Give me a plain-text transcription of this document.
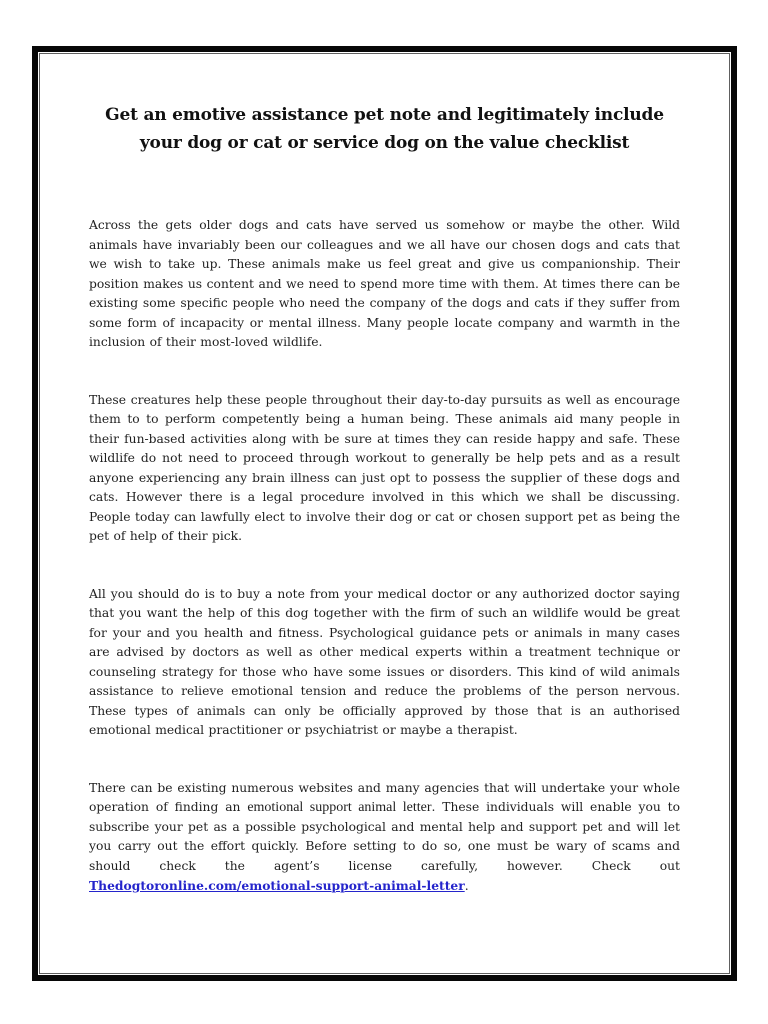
Get an emotive assistance pet note and legitimately include
your dog or cat or service dog on the value checklist

Across the gets older dogs and cats have served us somehow or maybe the other. Wild animals have invariably been our colleagues and we all have our chosen dogs and cats that we wish to take up. These animals make us feel great and give us companionship. Their position makes us content and we need to spend more time with them. At times there can be existing some specific people who need the company of the dogs and cats if they suffer from some form of incapacity or mental illness. Many people locate company and warmth in the inclusion of their most-loved wildlife.

These creatures help these people throughout their day-to-day pursuits as well as encourage them to to perform competently being a human being. These animals aid many people in their fun-based activities along with be sure at times they can reside happy and safe. These wildlife do not need to proceed through workout to generally be help pets and as a result anyone experiencing any brain illness can just opt to possess the supplier of these dogs and cats. However there is a legal procedure involved in this which we shall be discussing. People today can lawfully elect to involve their dog or cat or chosen support pet as being the pet of help of their pick.

All you should do is to buy a note from your medical doctor or any authorized doctor saying that you want the help of this dog together with the firm of such an wildlife would be great for your and you health and fitness. Psychological guidance pets or animals in many cases are advised by doctors as well as other medical experts within a treatment technique or counseling strategy for those who have some issues or disorders. This kind of wild animals assistance to relieve emotional tension and reduce the problems of the person nervous. These types of animals can only be officially approved by those that is an authorised emotional medical practitioner or psychiatrist or maybe a therapist.

There can be existing numerous websites and many agencies that will undertake your whole operation of finding an emotional support animal letter. These individuals will enable you to subscribe your pet as a possible psychological and mental help and support pet and will let you carry out the effort quickly. Before setting to do so, one must be wary of scams and should check the agent’s license carefully, however. Check out Thedogtoronline.com/emotional-support-animal-letter.
